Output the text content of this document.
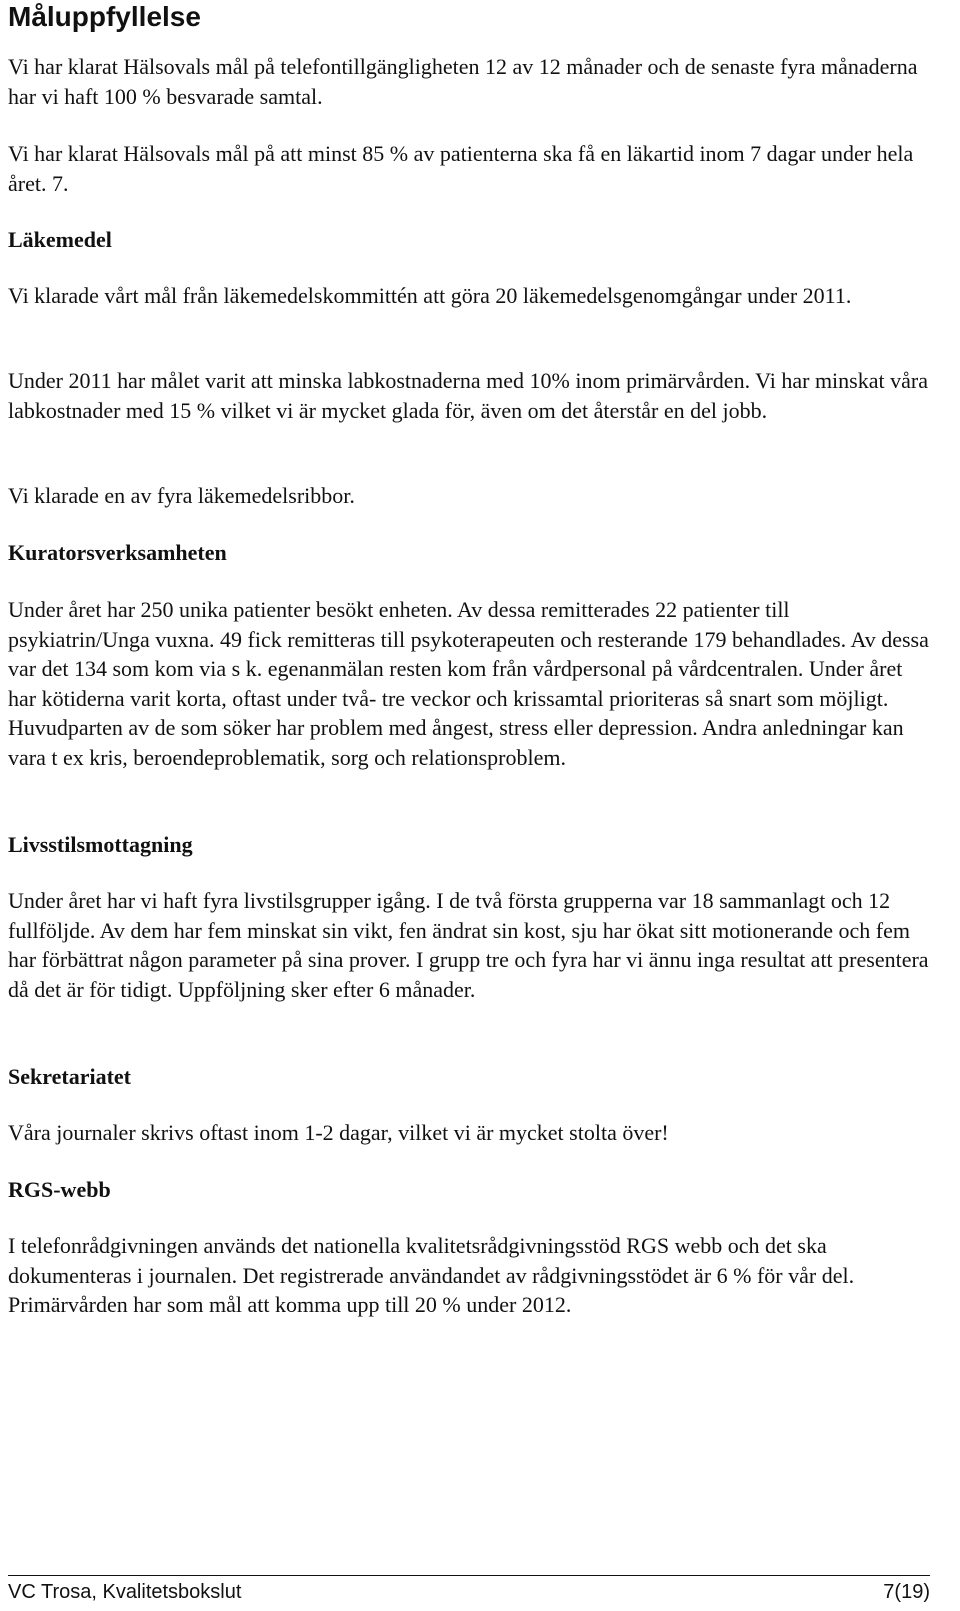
Måluppfyllelse

Vi har klarat Hälsovals mål på telefontillgängligheten 12 av 12 månader och de senaste fyra månaderna har vi haft 100 % besvarade samtal.

Vi har klarat Hälsovals mål på att minst 85 % av patienterna ska få en läkartid inom 7 dagar under hela året. 7.

Läkemedel

Vi klarade vårt mål från läkemedelskommittén att göra 20 läkemedelsgenomgångar under 2011.

Under 2011 har målet varit att minska labkostnaderna med 10% inom primärvården. Vi har minskat våra labkostnader med 15 % vilket vi är mycket glada för, även om det återstår en del jobb.

Vi klarade en av fyra läkemedelsribbor.

Kuratorsverksamheten

Under året har 250 unika patienter besökt enheten. Av dessa remitterades 22 patienter till psykiatrin/Unga vuxna. 49 fick remitteras till psykoterapeuten och resterande 179 behandlades. Av dessa var det 134 som kom via s k. egenanmälan resten kom från vårdpersonal på vårdcentralen. Under året har kötiderna varit korta, oftast under två- tre veckor och krissamtal prioriteras så snart som möjligt. Huvudparten av de som söker har problem med ångest, stress eller depression. Andra anledningar kan vara t ex kris, beroendeproblematik, sorg och relationsproblem.

Livsstilsmottagning

Under året har vi haft fyra livstilsgrupper igång. I de två första grupperna var 18 sammanlagt och 12 fullföljde. Av dem har fem minskat sin vikt, fen ändrat sin kost, sju har ökat sitt motionerande och fem har förbättrat någon parameter på sina prover. I grupp tre och fyra har vi ännu inga resultat att presentera då det är för tidigt. Uppföljning sker efter 6 månader.

Sekretariatet

Våra journaler skrivs oftast inom 1-2 dagar, vilket vi är mycket stolta över!

RGS-webb

I telefonrådgivningen används det nationella kvalitetsrådgivningsstöd RGS webb och det ska dokumenteras i journalen. Det registrerade användandet av rådgivningsstödet är 6 % för vår del. Primärvården har som mål att komma upp till 20 % under 2012.

VC Trosa, Kvalitetsbokslut	7(19)
